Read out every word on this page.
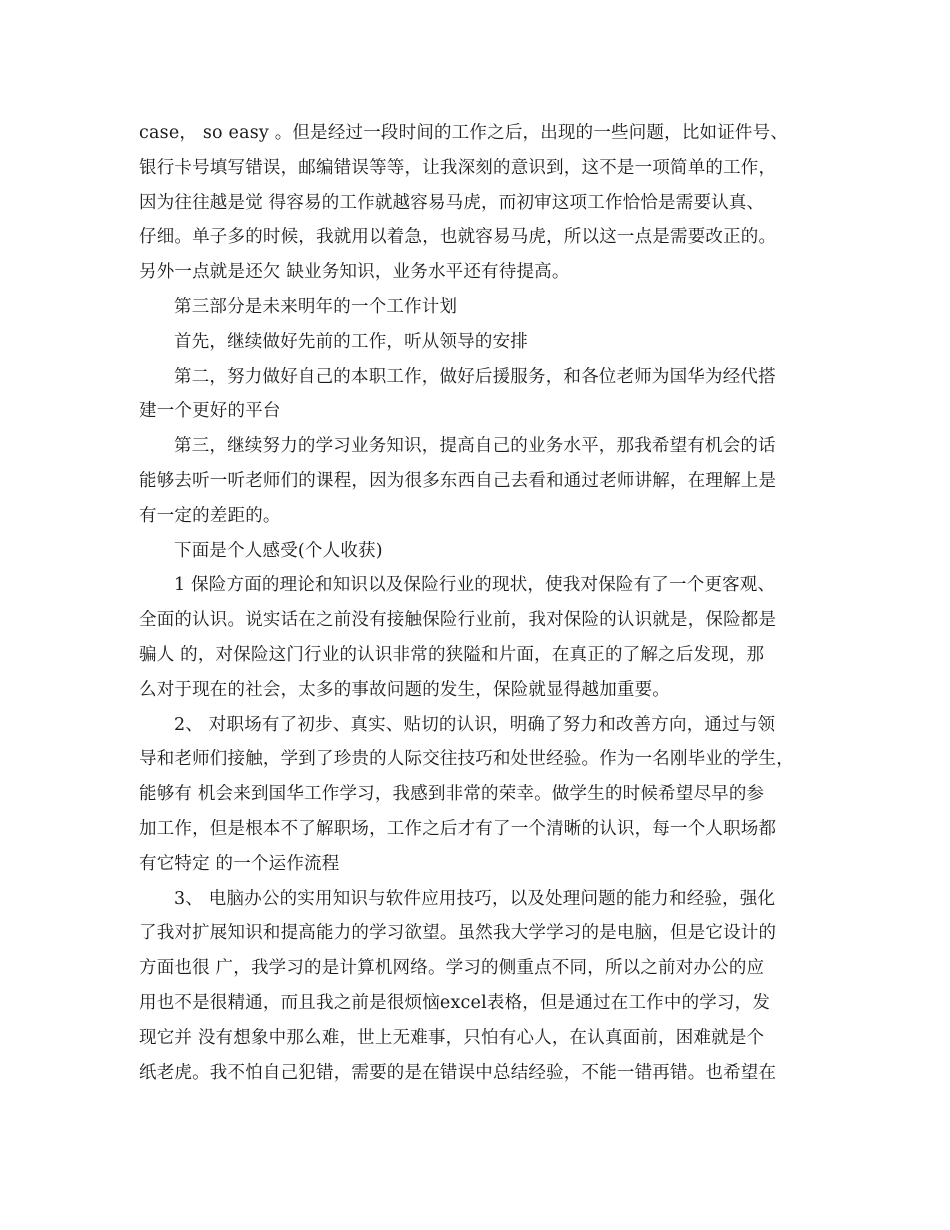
case， so easy 。但是经过一段时间的工作之后，出现的一些问题，比如证件号、
银行卡号填写错误，邮编错误等等，让我深刻的意识到，这不是一项简单的工作，
因为往往越是觉 得容易的工作就越容易马虎，而初审这项工作恰恰是需要认真、
仔细。单子多的时候，我就用以着急，也就容易马虎，所以这一点是需要改正的。
另外一点就是还欠 缺业务知识，业务水平还有待提高。
第三部分是未来明年的一个工作计划
首先，继续做好先前的工作，听从领导的安排
第二，努力做好自己的本职工作，做好后援服务，和各位老师为国华为经代搭
建一个更好的平台
第三，继续努力的学习业务知识，提高自己的业务水平，那我希望有机会的话
能够去听一听老师们的课程，因为很多东西自己去看和通过老师讲解，在理解上是
有一定的差距的。
下面是个人感受(个人收获)
1 保险方面的理论和知识以及保险行业的现状，使我对保险有了一个更客观、
全面的认识。说实话在之前没有接触保险行业前，我对保险的认识就是，保险都是
骗人 的，对保险这门行业的认识非常的狭隘和片面，在真正的了解之后发现，那
么对于现在的社会，太多的事故问题的发生，保险就显得越加重要。
2、 对职场有了初步、真实、贴切的认识，明确了努力和改善方向，通过与领
导和老师们接触，学到了珍贵的人际交往技巧和处世经验。作为一名刚毕业的学生，
能够有 机会来到国华工作学习，我感到非常的荣幸。做学生的时候希望尽早的参
加工作，但是根本不了解职场，工作之后才有了一个清晰的认识，每一个人职场都
有它特定 的一个运作流程
3、 电脑办公的实用知识与软件应用技巧，以及处理问题的能力和经验，强化
了我对扩展知识和提高能力的学习欲望。虽然我大学学习的是电脑，但是它设计的
方面也很 广，我学习的是计算机网络。学习的侧重点不同，所以之前对办公的应
用也不是很精通，而且我之前是很烦恼excel表格，但是通过在工作中的学习，发
现它并 没有想象中那么难，世上无难事，只怕有心人，在认真面前，困难就是个
纸老虎。我不怕自己犯错，需要的是在错误中总结经验，不能一错再错。也希望在
